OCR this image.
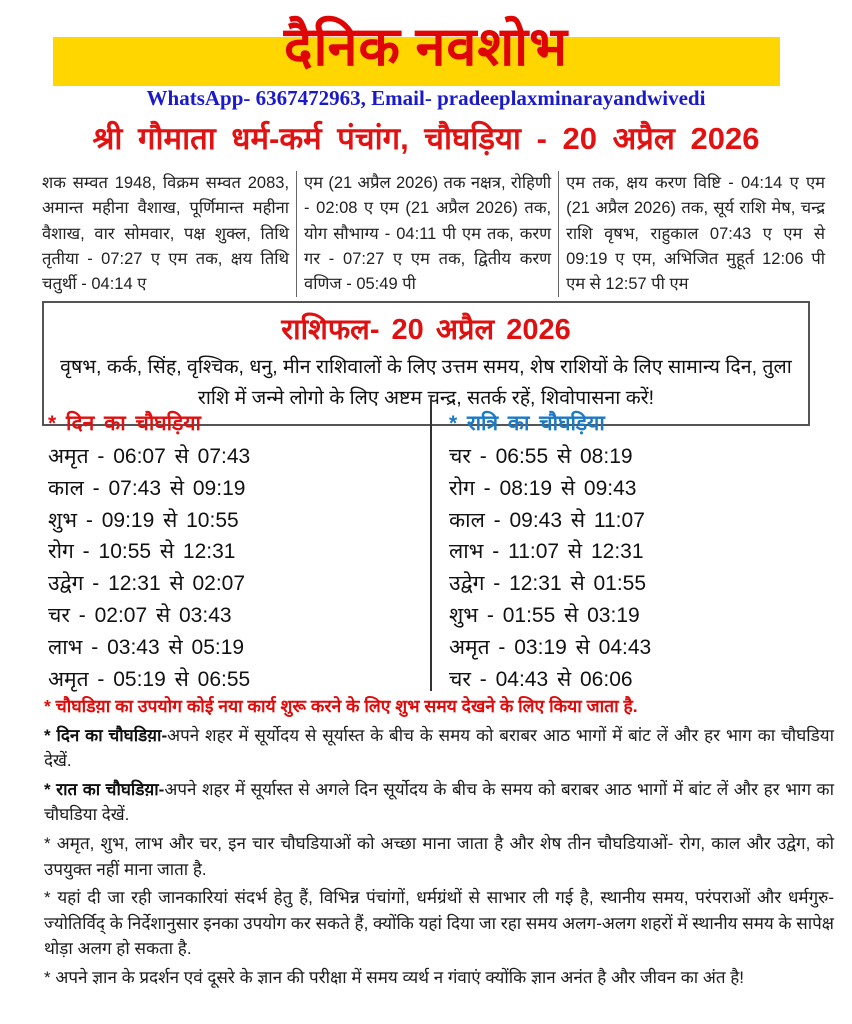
दैनिक नवशोभ
WhatsApp- 6367472963, Email- pradeeplaxminarayandwivedi
श्री गौमाता धर्म-कर्म पंचांग, चौघड़िया - 20 अप्रैल 2026
शक सम्वत 1948, विक्रम सम्वत 2083, अमान्त महीना वैशाख, पूर्णिमान्त महीना वैशाख, वार सोमवार, पक्ष शुक्ल, तिथि तृतीया - 07:27 ए एम तक, क्षय तिथि चतुर्थी - 04:14 ए
एम (21 अप्रैल 2026) तक नक्षत्र, रोहिणी - 02:08 ए एम (21 अप्रैल 2026) तक, योग सौभाग्य - 04:11 पी एम तक, करण गर - 07:27 ए एम तक, द्वितीय करण वणिज - 05:49 पी
एम तक, क्षय करण विष्टि - 04:14 ए एम (21 अप्रैल 2026) तक, सूर्य राशि मेष, चन्द्र राशि वृषभ, राहुकाल 07:43 ए एम से 09:19 ए एम, अभिजित मुहूर्त 12:06 पी एम से 12:57 पी एम
राशिफल- 20 अप्रैल 2026
वृषभ, कर्क, सिंह, वृश्चिक, धनु, मीन राशिवालों के लिए उत्तम समय, शेष राशियों के लिए सामान्य दिन, तुला राशि में जन्मे लोगो के लिए अष्टम चन्द्र, सतर्क रहें, शिवोपासना करें!
* दिन का चौघड़िया
अमृत - 06:07 से 07:43
काल - 07:43 से 09:19
शुभ - 09:19 से 10:55
रोग - 10:55 से 12:31
उद्वेग - 12:31 से 02:07
चर - 02:07 से 03:43
लाभ - 03:43 से 05:19
अमृत - 05:19 से 06:55
* रात्रि का चौघड़िया
चर - 06:55 से 08:19
रोग - 08:19 से 09:43
काल - 09:43 से 11:07
लाभ - 11:07 से 12:31
उद्वेग - 12:31 से 01:55
शुभ - 01:55 से 03:19
अमृत - 03:19 से 04:43
चर - 04:43 से 06:06
* चौघडिय़ा का उपयोग कोई नया कार्य शुरू करने के लिए शुभ समय देखने के लिए किया जाता है.
* दिन का चौघडिय़ा-अपने शहर में सूर्योदय से सूर्यास्त के बीच के समय को बराबर आठ भागों में बांट लें और हर भाग का चौघडिया देखें.
* रात का चौघडिय़ा-अपने शहर में सूर्यास्त से अगले दिन सूर्योदय के बीच के समय को बराबर आठ भागों में बांट लें और हर भाग का चौघडिया देखें.
* अमृत, शुभ, लाभ और चर, इन चार चौघडियाओं को अच्छा माना जाता है और शेष तीन चौघडियाओं- रोग, काल और उद्वेग, को उपयुक्त नहीं माना जाता है.
* यहां दी जा रही जानकारियां संदर्भ हेतु हैं, विभिन्न पंचांगों, धर्मग्रंथों से साभार ली गई है, स्थानीय समय, परंपराओं और धर्मगुरु-ज्योतिर्विद् के निर्देशानुसार इनका उपयोग कर सकते हैं, क्योंकि यहां दिया जा रहा समय अलग-अलग शहरों में स्थानीय समय के सापेक्ष थोड़ा अलग हो सकता है.
* अपने ज्ञान के प्रदर्शन एवं दूसरे के ज्ञान की परीक्षा में समय व्यर्थ न गंवाएं क्योंकि ज्ञान अनंत है और जीवन का अंत है!
